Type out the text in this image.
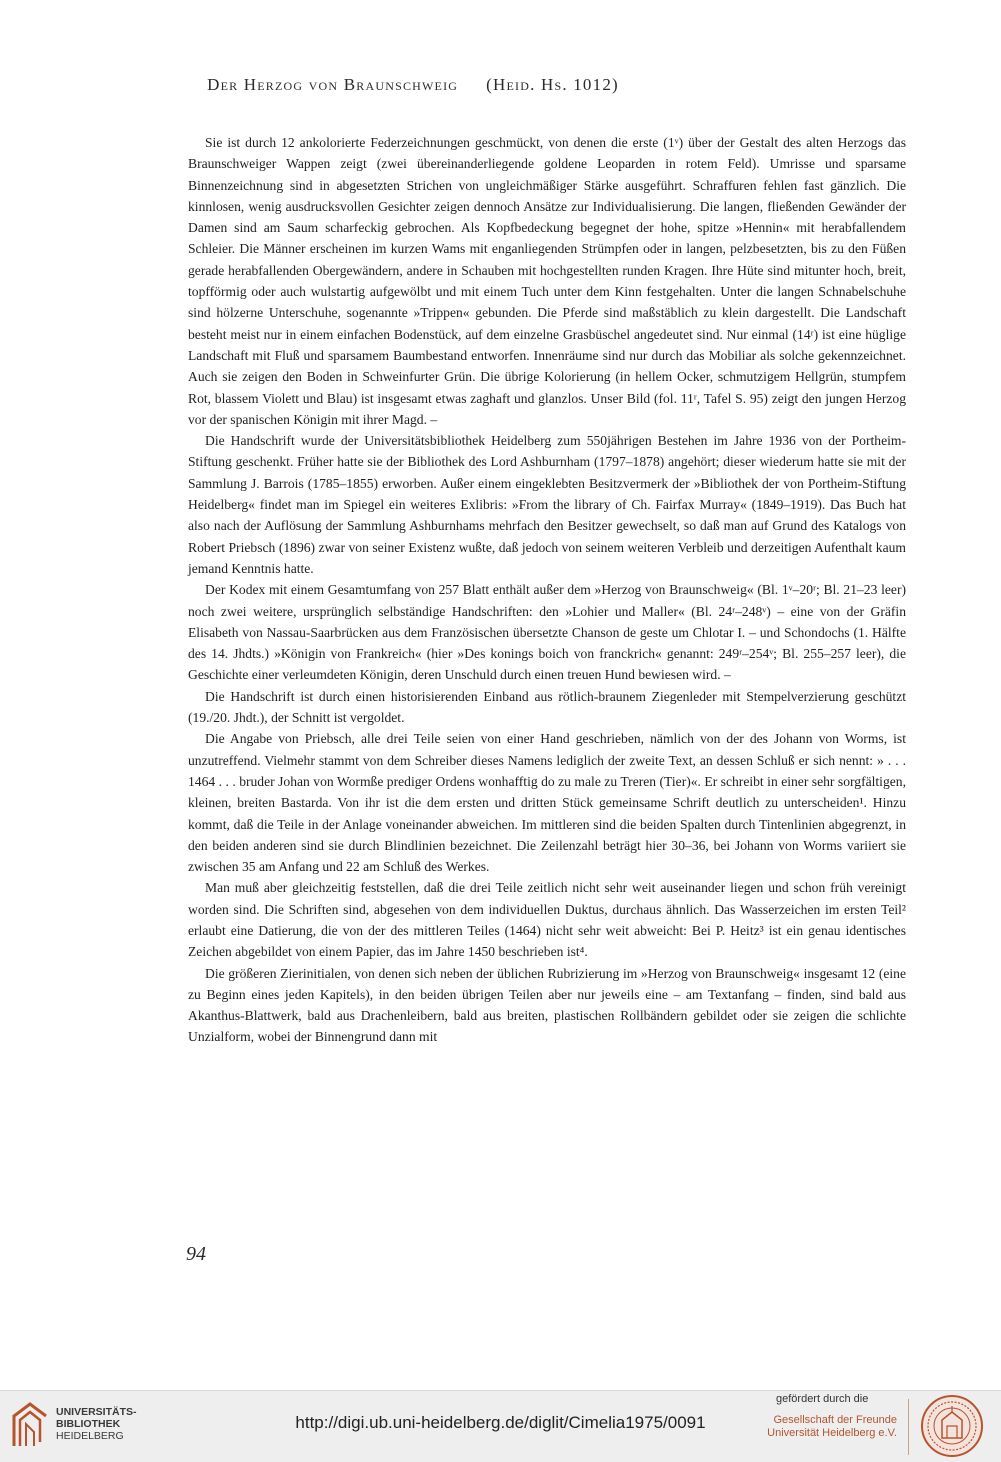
Der Herzog von Braunschweig (Heid. Hs. 1012)

Sie ist durch 12 ankolorierte Federzeichnungen geschmückt, von denen die erste (1ᵛ) über der Gestalt des alten Herzogs das Braunschweiger Wappen zeigt (zwei übereinanderliegende goldene Leoparden in rotem Feld). Umrisse und sparsame Binnenzeichnung sind in abgesetzten Strichen von ungleichmäßiger Stärke ausgeführt. Schraffuren fehlen fast gänzlich. Die kinnlosen, wenig ausdrucksvollen Gesichter zeigen dennoch Ansätze zur Individualisierung. Die langen, fließenden Gewänder der Damen sind am Saum scharfeckig gebrochen. Als Kopfbedeckung begegnet der hohe, spitze »Hennin« mit herabfallendem Schleier. Die Männer erscheinen im kurzen Wams mit enganliegenden Strümpfen oder in langen, pelzbesetzten, bis zu den Füßen gerade herabfallenden Obergewändern, andere in Schauben mit hochgestellten runden Kragen. Ihre Hüte sind mitunter hoch, breit, topfförmig oder auch wulstartig aufgewölbt und mit einem Tuch unter dem Kinn festgehalten. Unter die langen Schnabelschuhe sind hölzerne Unterschuhe, sogenannte »Trippen« gebunden. Die Pferde sind maßstäblich zu klein dargestellt. Die Landschaft besteht meist nur in einem einfachen Bodenstück, auf dem einzelne Grasbüschel angedeutet sind. Nur einmal (14ʳ) ist eine hüglige Landschaft mit Fluß und sparsamem Baumbestand entworfen. Innenräume sind nur durch das Mobiliar als solche gekennzeichnet. Auch sie zeigen den Boden in Schweinfurter Grün. Die übrige Kolorierung (in hellem Ocker, schmutzigem Hellgrün, stumpfem Rot, blassem Violett und Blau) ist insgesamt etwas zaghaft und glanzlos. Unser Bild (fol. 11ʳ, Tafel S. 95) zeigt den jungen Herzog vor der spanischen Königin mit ihrer Magd. –

Die Handschrift wurde der Universitätsbibliothek Heidelberg zum 550jährigen Bestehen im Jahre 1936 von der Portheim-Stiftung geschenkt. Früher hatte sie der Bibliothek des Lord Ashburnham (1797–1878) angehört; dieser wiederum hatte sie mit der Sammlung J. Barrois (1785–1855) erworben. Außer einem eingeklebten Besitzvermerk der »Bibliothek der von Portheim-Stiftung Heidelberg« findet man im Spiegel ein weiteres Exlibris: »From the library of Ch. Fairfax Murray« (1849–1919). Das Buch hat also nach der Auflösung der Sammlung Ashburnhams mehrfach den Besitzer gewechselt, so daß man auf Grund des Katalogs von Robert Priebsch (1896) zwar von seiner Existenz wußte, daß jedoch von seinem weiteren Verbleib und derzeitigen Aufenthalt kaum jemand Kenntnis hatte.

Der Kodex mit einem Gesamtumfang von 257 Blatt enthält außer dem »Herzog von Braunschweig« (Bl. 1ᵛ–20ʳ; Bl. 21–23 leer) noch zwei weitere, ursprünglich selbständige Handschriften: den »Lohier und Maller« (Bl. 24ʳ–248ᵛ) – eine von der Gräfin Elisabeth von Nassau-Saarbrücken aus dem Französischen übersetzte Chanson de geste um Chlotar I. – und Schondochs (1. Hälfte des 14. Jhdts.) »Königin von Frankreich« (hier »Des konings boich von franckrich« genannt: 249ʳ–254ᵛ; Bl. 255–257 leer), die Geschichte einer verleumdeten Königin, deren Unschuld durch einen treuen Hund bewiesen wird. –

Die Handschrift ist durch einen historisierenden Einband aus rötlich-braunem Ziegenleder mit Stempelverzierung geschützt (19./20. Jhdt.), der Schnitt ist vergoldet.

Die Angabe von Priebsch, alle drei Teile seien von einer Hand geschrieben, nämlich von der des Johann von Worms, ist unzutreffend. Vielmehr stammt von dem Schreiber dieses Namens lediglich der zweite Text, an dessen Schluß er sich nennt: » . . . 1464 . . . bruder Johan von Wormße prediger Ordens wonhafftig do zu male zu Treren (Tier)«. Er schreibt in einer sehr sorgfältigen, kleinen, breiten Bastarda. Von ihr ist die dem ersten und dritten Stück gemeinsame Schrift deutlich zu unterscheiden¹. Hinzu kommt, daß die Teile in der Anlage voneinander abweichen. Im mittleren sind die beiden Spalten durch Tintenlinien abgegrenzt, in den beiden anderen sind sie durch Blindlinien bezeichnet. Die Zeilenzahl beträgt hier 30–36, bei Johann von Worms variiert sie zwischen 35 am Anfang und 22 am Schluß des Werkes.

Man muß aber gleichzeitig feststellen, daß die drei Teile zeitlich nicht sehr weit auseinander liegen und schon früh vereinigt worden sind. Die Schriften sind, abgesehen von dem individuellen Duktus, durchaus ähnlich. Das Wasserzeichen im ersten Teil² erlaubt eine Datierung, die von der des mittleren Teiles (1464) nicht sehr weit abweicht: Bei P. Heitz³ ist ein genau identisches Zeichen abgebildet von einem Papier, das im Jahre 1450 beschrieben ist⁴.

Die größeren Zierinitialen, von denen sich neben der üblichen Rubrizierung im »Herzog von Braunschweig« insgesamt 12 (eine zu Beginn eines jeden Kapitels), in den beiden übrigen Teilen aber nur jeweils eine – am Textanfang – finden, sind bald aus Akanthus-Blattwerk, bald aus Drachenleibern, bald aus breiten, plastischen Rollbändern gebildet oder sie zeigen die schlichte Unzialform, wobei der Binnengrund dann mit

94
UNIVERSITÄTS-
BIBLIOTHEK
HEIDELBERG
http://digi.ub.uni-heidelberg.de/diglit/Cimelia1975/0091
gefördert durch die
Gesellschaft der Freunde
Universität Heidelberg e.V.
